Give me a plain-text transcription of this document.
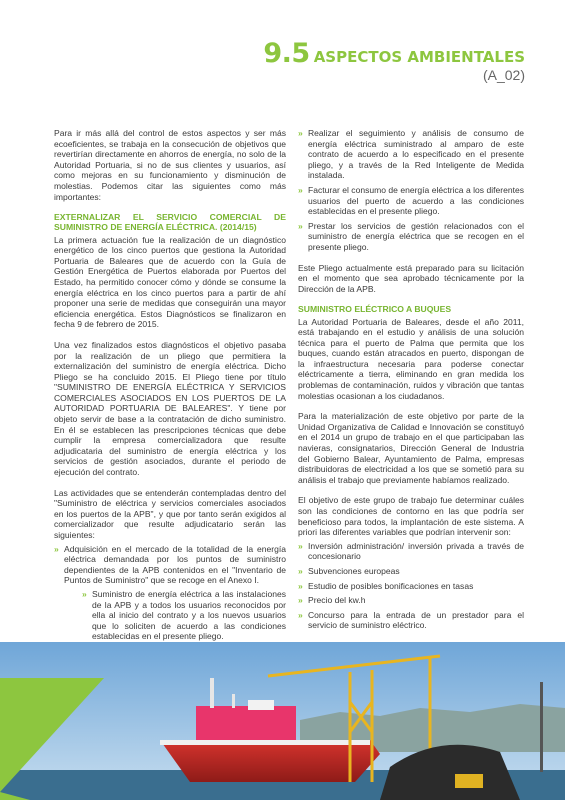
9.5 ASPECTOS AMBIENTALES
(A_02)

Para ir más allá del control de estos aspectos y ser más ecoeficientes, se trabaja en la consecución de objetivos que revertirían directamente en ahorros de energía, no solo de la Autoridad Portuaria, si no de sus clientes y usuarios, así como mejoras en su funcionamiento y disminución de molestias. Podemos citar las siguientes como más importantes:

EXTERNALIZAR EL SERVICIO COMERCIAL DE SUMINISTRO DE ENERGÍA ELÉCTRICA. (2014/15)

La primera actuación fue la realización de un diagnóstico energético de los cinco puertos que gestiona la Autoridad Portuaria de Baleares que de acuerdo con la Guía de Gestión Energética de Puertos elaborada por Puertos del Estado, ha permitido conocer cómo y dónde se consume la energía eléctrica en los cinco puertos para a partir de ahí proponer una serie de medidas que conseguirán una mayor eficiencia energética. Estos Diagnósticos se finalizaron en fecha 9 de febrero de 2015.

Una vez finalizados estos diagnósticos el objetivo pasaba por la realización de un pliego que permitiera la externalización del suministro de energía eléctrica. Dicho Pliego se ha concluido 2015. El Pliego tiene por título "SUMINISTRO DE ENERGÍA ELÉCTRICA Y SERVICIOS COMERCIALES ASOCIADOS EN LOS PUERTOS DE LA AUTORIDAD PORTUARIA DE BALEARES". Y tiene por objeto servir de base a la contratación de dicho suministro. En él se establecen las prescripciones técnicas que debe cumplir la empresa comercializadora que resulte adjudicataria del suministro de energía eléctrica y los servicios de gestión asociados, durante el periodo de ejecución del contrato.

Las actividades que se entenderán contempladas dentro del "Suministro de eléctrica y servicios comerciales asociados en los puertos de la APB", y que por tanto serán exigidos al comercializador que resulte adjudicatario serán las siguientes:

» Adquisición en el mercado de la totalidad de la energía eléctrica demandada por los puntos de suministro dependientes de la APB contenidos en el "Inventario de Puntos de Suministro" que se recoge en el Anexo I.
» Suministro de energía eléctrica a las instalaciones de la APB y a todos los usuarios reconocidos por ella al inicio del contrato y a los nuevos usuarios que lo soliciten de acuerdo a las condiciones establecidas en el presente pliego.
» Realizar el seguimiento y análisis de consumo de energía eléctrica suministrado al amparo de este contrato de acuerdo a lo especificado en el presente pliego, y a través de la Red Inteligente de Medida instalada.
» Facturar el consumo de energía eléctrica a los diferentes usuarios del puerto de acuerdo a las condiciones establecidas en el presente pliego.
» Prestar los servicios de gestión relacionados con el suministro de energía eléctrica que se recogen en el presente pliego.

Este Pliego actualmente está preparado para su licitación en el momento que sea aprobado técnicamente por la Dirección de la APB.

SUMINISTRO ELÉCTRICO A BUQUES

La Autoridad Portuaria de Baleares, desde el año 2011, está trabajando en el estudio y análisis de una solución técnica para el puerto de Palma que permita que los buques, cuando están atracados en puerto, dispongan de la infraestructura necesaria para poderse conectar eléctricamente a tierra, eliminando en gran medida los problemas de contaminación, ruidos y vibración que tantas molestias ocasionan a los ciudadanos.

Para la materialización de este objetivo por parte de la Unidad Organizativa de Calidad e Innovación se constituyó en el 2014 un grupo de trabajo en el que participaban las navieras, consignatarios, Dirección General de Industria del Gobierno Balear, Ayuntamiento de Palma, empresas distribuidoras de electricidad a los que se sometió para su análisis el trabajo que previamente habíamos realizado.

El objetivo de este grupo de trabajo fue determinar cuáles son las condiciones de contorno en las que podría ser beneficioso para todos, la implantación de este sistema. A priori las diferentes variables que podrían intervenir son:

» Inversión administración/ inversión privada a través de concesionario
» Subvenciones europeas
» Estudio de posibles bonificaciones en tasas
» Precio del kw.h
» Concurso para la entrada de un prestador para el servicio de suministro eléctrico.
